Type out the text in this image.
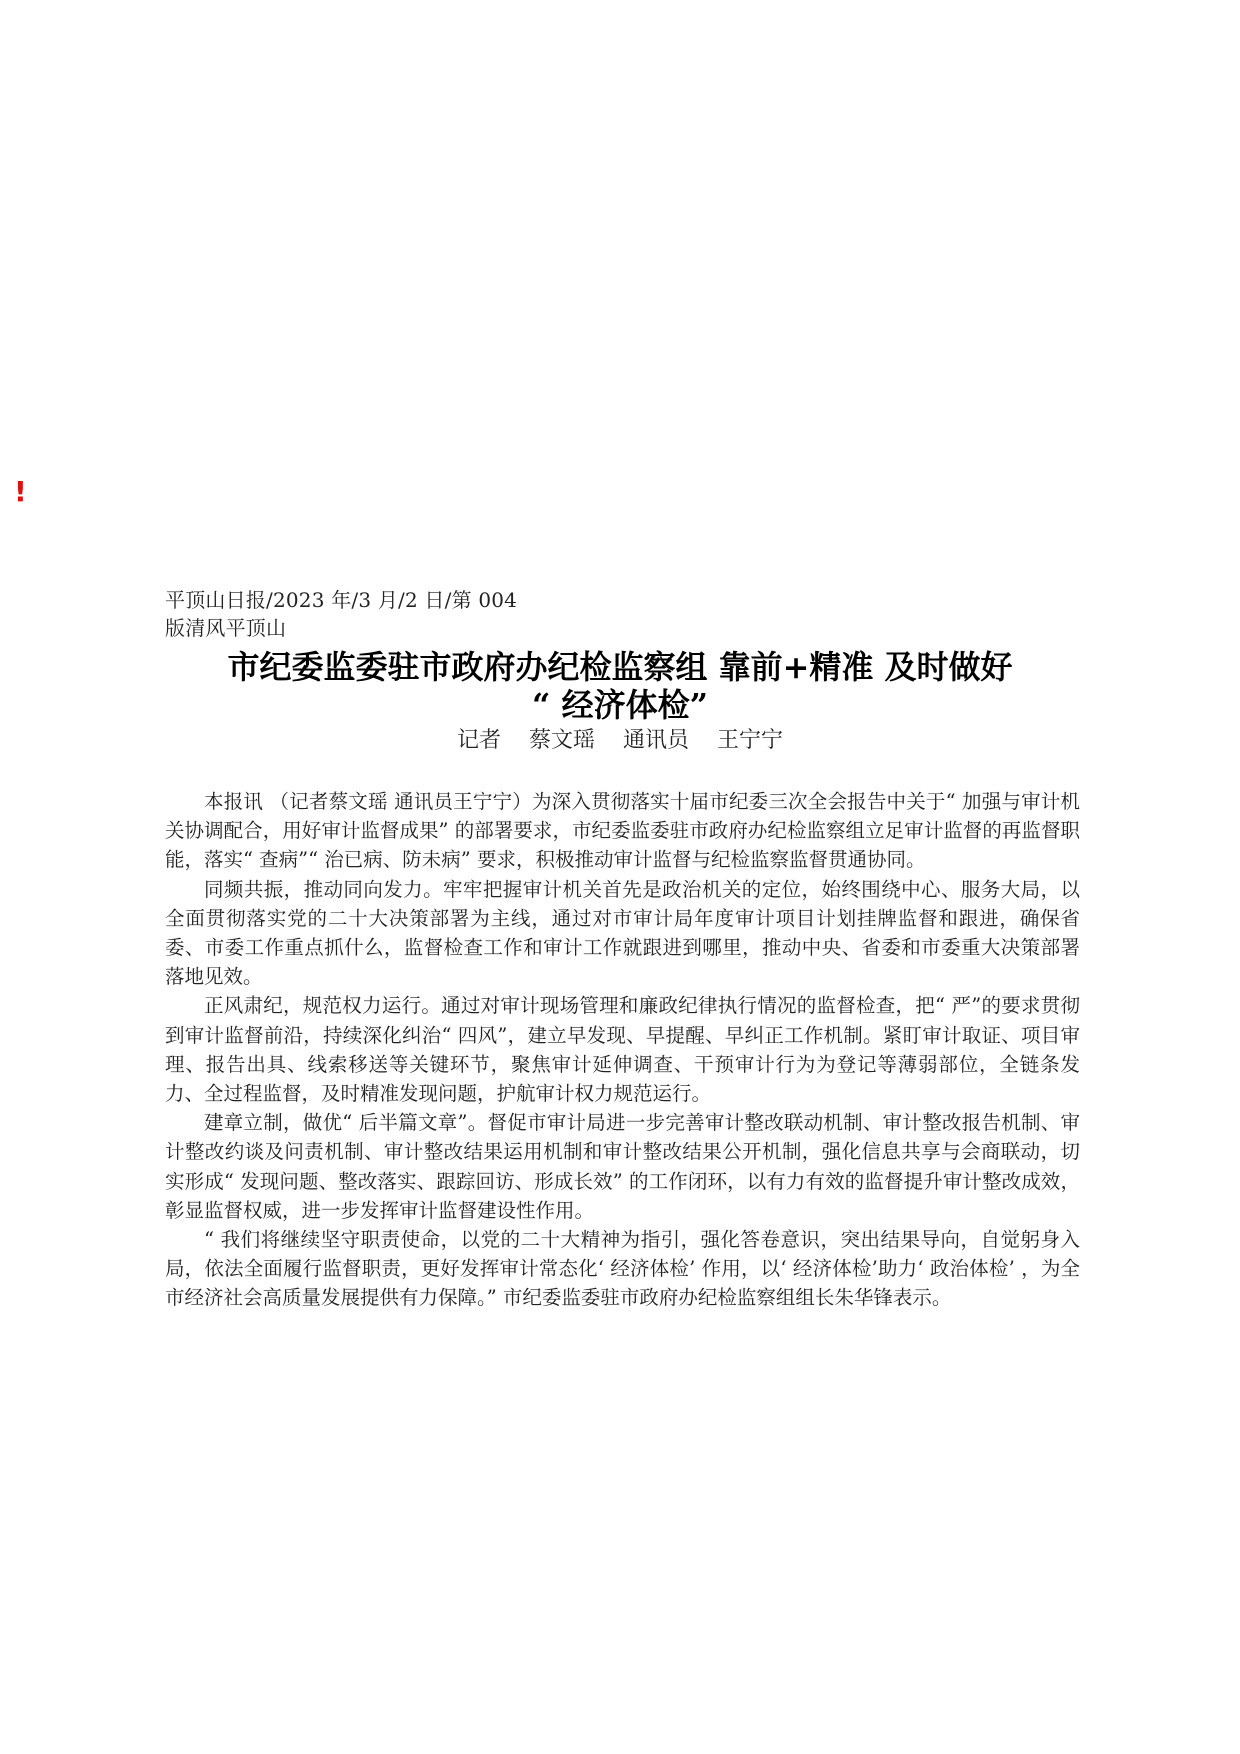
!
平顶山日报/2023 年/3 月/2 日/第 004
版清风平顶山
市纪委监委驻市政府办纪检监察组 靠前+精准 及时做好
“ 经济体检”
记者    蔡文瑶    通讯员    王宁宁

本报讯 （记者蔡文瑶 通讯员王宁宁）为深入贯彻落实十届市纪委三次全会报告中关于“ 加强与审计机关协调配合，用好审计监督成果” 的部署要求，市纪委监委驻市政府办纪检监察组立足审计监督的再监督职能，落实“ 查病”“ 治已病、防未病” 要求，积极推动审计监督与纪检监察监督贯通协同。

同频共振，推动同向发力。牢牢把握审计机关首先是政治机关的定位，始终围绕中心、服务大局，以全面贯彻落实党的二十大决策部署为主线，通过对市审计局年度审计项目计划挂牌监督和跟进，确保省委、市委工作重点抓什么，监督检查工作和审计工作就跟进到哪里，推动中央、省委和市委重大决策部署落地见效。

正风肃纪，规范权力运行。通过对审计现场管理和廉政纪律执行情况的监督检查，把“ 严”的要求贯彻到审计监督前沿，持续深化纠治“ 四风”，建立早发现、早提醒、早纠正工作机制。紧盯审计取证、项目审理、报告出具、线索移送等关键环节，聚焦审计延伸调查、干预审计行为为登记等薄弱部位，全链条发力、全过程监督，及时精准发现问题，护航审计权力规范运行。

建章立制，做优“ 后半篇文章”。督促市审计局进一步完善审计整改联动机制、审计整改报告机制、审计整改约谈及问责机制、审计整改结果运用机制和审计整改结果公开机制，强化信息共享与会商联动，切实形成“ 发现问题、整改落实、跟踪回访、形成长效” 的工作闭环，以有力有效的监督提升审计整改成效，彰显监督权威，进一步发挥审计监督建设性作用。

“ 我们将继续坚守职责使命，以党的二十大精神为指引，强化答卷意识，突出结果导向，自觉躬身入局，依法全面履行监督职责，更好发挥审计常态化‘ 经济体检’ 作用，以‘ 经济体检’助力‘ 政治体检’ ，为全市经济社会高质量发展提供有力保障。” 市纪委监委驻市政府办纪检监察组组长朱华锋表示。
